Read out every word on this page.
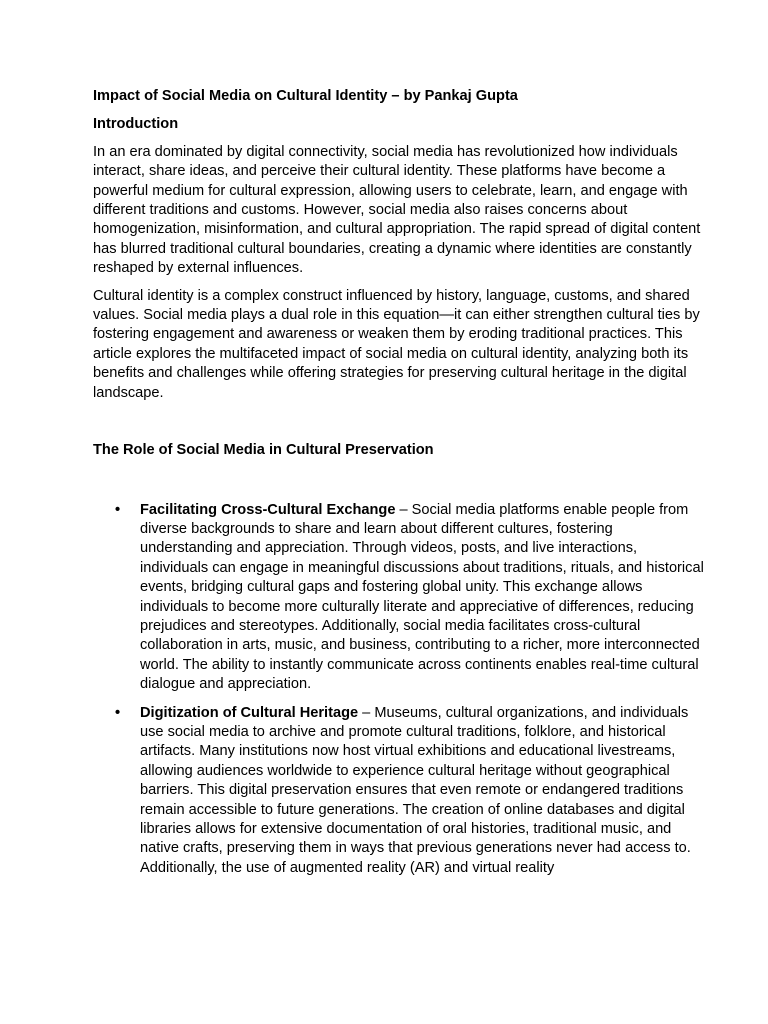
Impact of Social Media on Cultural Identity – by Pankaj Gupta

Introduction

In an era dominated by digital connectivity, social media has revolutionized how individuals interact, share ideas, and perceive their cultural identity. These platforms have become a powerful medium for cultural expression, allowing users to celebrate, learn, and engage with different traditions and customs. However, social media also raises concerns about homogenization, misinformation, and cultural appropriation. The rapid spread of digital content has blurred traditional cultural boundaries, creating a dynamic where identities are constantly reshaped by external influences.

Cultural identity is a complex construct influenced by history, language, customs, and shared values. Social media plays a dual role in this equation—it can either strengthen cultural ties by fostering engagement and awareness or weaken them by eroding traditional practices. This article explores the multifaceted impact of social media on cultural identity, analyzing both its benefits and challenges while offering strategies for preserving cultural heritage in the digital landscape.

The Role of Social Media in Cultural Preservation

• Facilitating Cross-Cultural Exchange – Social media platforms enable people from diverse backgrounds to share and learn about different cultures, fostering understanding and appreciation. Through videos, posts, and live interactions, individuals can engage in meaningful discussions about traditions, rituals, and historical events, bridging cultural gaps and fostering global unity. This exchange allows individuals to become more culturally literate and appreciative of differences, reducing prejudices and stereotypes. Additionally, social media facilitates cross-cultural collaboration in arts, music, and business, contributing to a richer, more interconnected world. The ability to instantly communicate across continents enables real-time cultural dialogue and appreciation.
• Digitization of Cultural Heritage – Museums, cultural organizations, and individuals use social media to archive and promote cultural traditions, folklore, and historical artifacts. Many institutions now host virtual exhibitions and educational livestreams, allowing audiences worldwide to experience cultural heritage without geographical barriers. This digital preservation ensures that even remote or endangered traditions remain accessible to future generations. The creation of online databases and digital libraries allows for extensive documentation of oral histories, traditional music, and native crafts, preserving them in ways that previous generations never had access to. Additionally, the use of augmented reality (AR) and virtual reality
